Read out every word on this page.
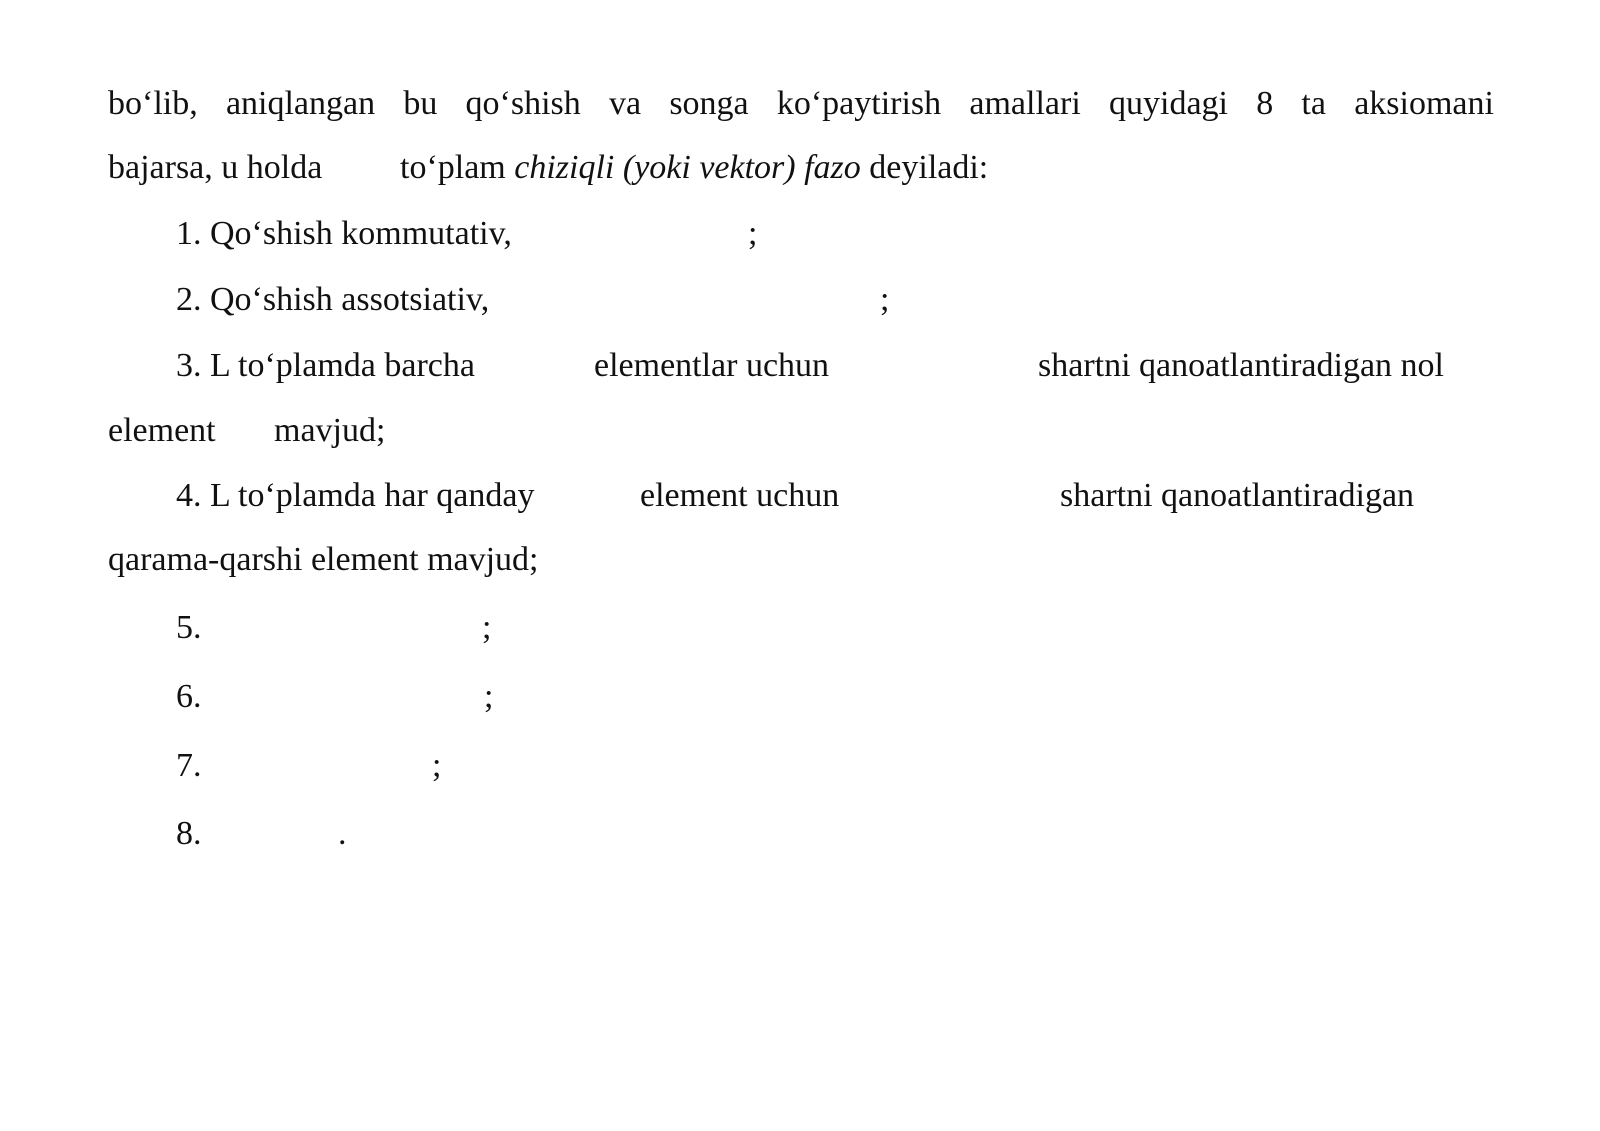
bo‘lib, aniqlangan bu qo‘shish va songa ko‘paytirish amallari quyidagi 8 ta aksiomani
bajarsa, u holda to‘plam chiziqli (yoki vektor) fazo deyiladi:
1. Qo‘shish kommutativ,	;
2. Qo‘shish assotsiativ,	;
3. L to‘plamda barcha	elementlar uchun	shartni qanoatlantiradigan nol
element mavjud;
4. L to‘plamda har qanday	element uchun	shartni qanoatlantiradigan
qarama-qarshi element mavjud;
5.	;
6.	;
7.	;
8.	.
